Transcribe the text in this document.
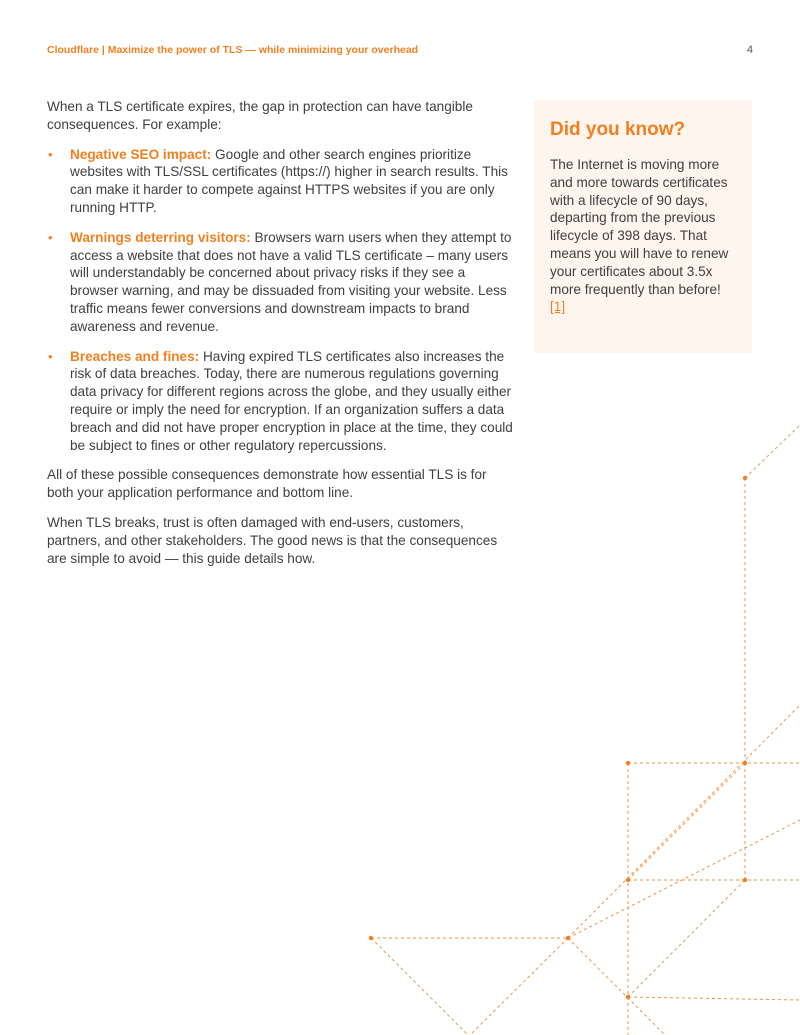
Cloudflare | Maximize the power of TLS — while minimizing your overhead	4

When a TLS certificate expires, the gap in protection can have tangible consequences. For example:

• Negative SEO impact: Google and other search engines prioritize websites with TLS/SSL certificates (https://) higher in search results. This can make it harder to compete against HTTPS websites if you are only running HTTP.
• Warnings deterring visitors: Browsers warn users when they attempt to access a website that does not have a valid TLS certificate – many users will understandably be concerned about privacy risks if they see a browser warning, and may be dissuaded from visiting your website. Less traffic means fewer conversions and downstream impacts to brand awareness and revenue.
• Breaches and fines: Having expired TLS certificates also increases the risk of data breaches. Today, there are numerous regulations governing data privacy for different regions across the globe, and they usually either require or imply the need for encryption. If an organization suffers a data breach and did not have proper encryption in place at the time, they could be subject to fines or other regulatory repercussions.

All of these possible consequences demonstrate how essential TLS is for both your application performance and bottom line.

When TLS breaks, trust is often damaged with end-users, customers, partners, and other stakeholders. The good news is that the consequences are simple to avoid — this guide details how.

Did you know?

The Internet is moving more and more towards certificates with a lifecycle of 90 days, departing from the previous lifecycle of 398 days. That means you will have to renew your certificates about 3.5x more frequently than before! [1]
